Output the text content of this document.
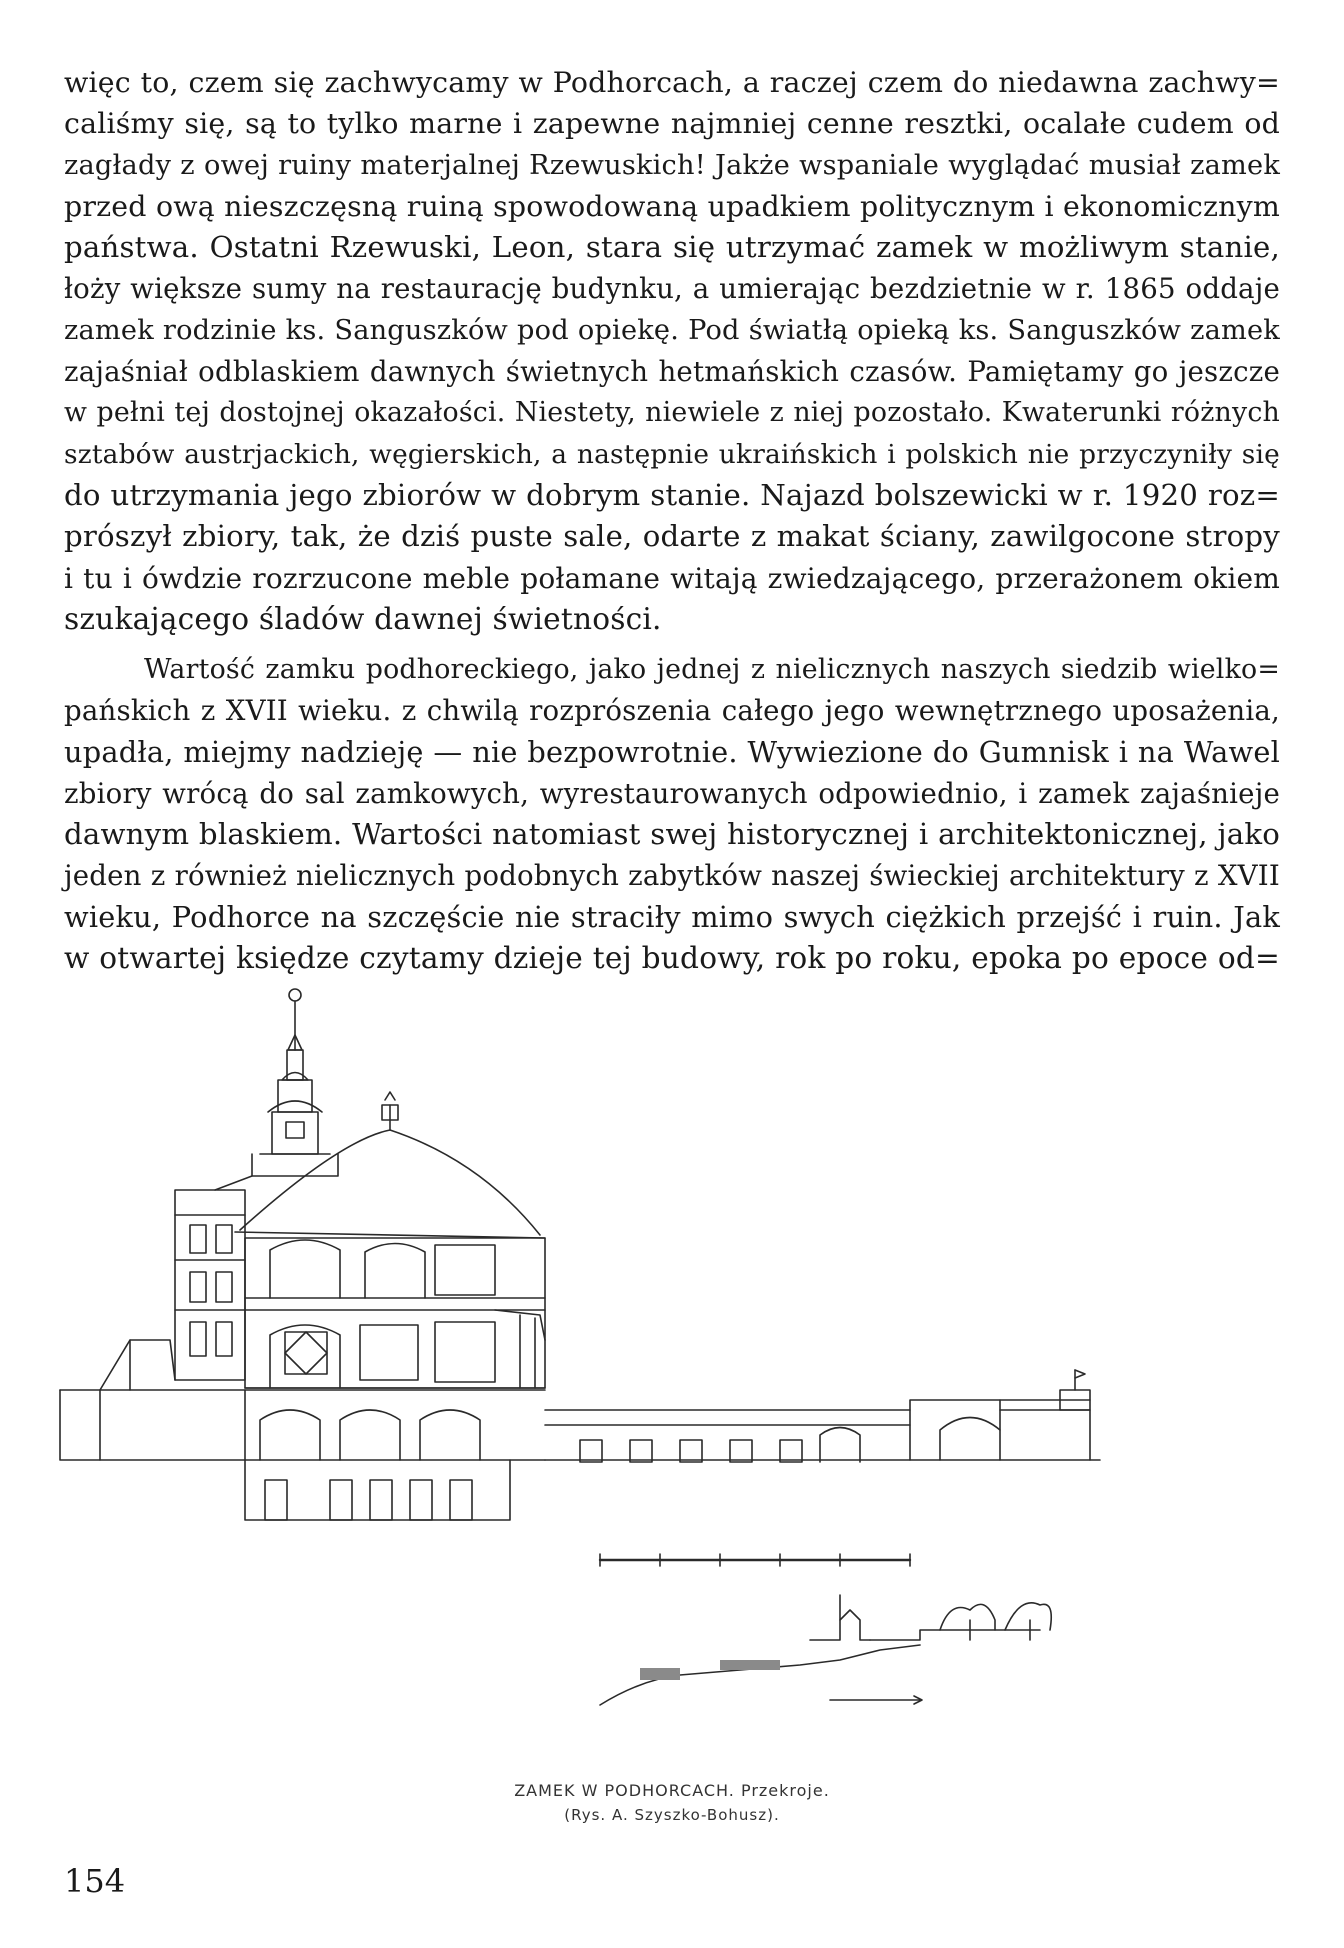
więc to, czem się zachwycamy w Podhorcach, a raczej czem do niedawna zachwy=
caliśmy się, są to tylko marne i zapewne najmniej cenne resztki, ocalałe cudem od
zagłady z owej ruiny materjalnej Rzewuskich! Jakże wspaniale wyglądać musiał zamek
przed ową nieszczęsną ruiną spowodowaną upadkiem politycznym i ekonomicznym
państwa. Ostatni Rzewuski, Leon, stara się utrzymać zamek w możliwym stanie,
łoży większe sumy na restaurację budynku, a umierając bezdzietnie w r. 1865 oddaje
zamek rodzinie ks. Sanguszków pod opiekę. Pod światłą opieką ks. Sanguszków zamek
zajaśniał odblaskiem dawnych świetnych hetmańskich czasów. Pamiętamy go jeszcze
w pełni tej dostojnej okazałości. Niestety, niewiele z niej pozostało. Kwaterunki różnych
sztabów austrjackich, węgierskich, a następnie ukraińskich i polskich nie przyczyniły się
do utrzymania jego zbiorów w dobrym stanie. Najazd bolszewicki w r. 1920 roz=
prószył zbiory, tak, że dziś puste sale, odarte z makat ściany, zawilgocone stropy
i tu i ówdzie rozrzucone meble połamane witają zwiedzającego, przerażonem okiem
szukającego śladów dawnej świetności.
Wartość zamku podhoreckiego, jako jednej z nielicznych naszych siedzib wielko=
pańskich z XVII wieku. z chwilą rozprószenia całego jego wewnętrznego uposażenia,
upadła, miejmy nadzieję — nie bezpowrotnie. Wywiezione do Gumnisk i na Wawel
zbiory wrócą do sal zamkowych, wyrestaurowanych odpowiednio, i zamek zajaśnieje
dawnym blaskiem. Wartości natomiast swej historycznej i architektonicznej, jako
jeden z również nielicznych podobnych zabytków naszej świeckiej architektury z XVII
wieku, Podhorce na szczęście nie straciły mimo swych ciężkich przejść i ruin. Jak
w otwartej księdze czytamy dzieje tej budowy, rok po roku, epoka po epoce od=
ZAMEK W PODHORCACH. Przekroje.
(Rys. A. Szyszko-Bohusz).
154
